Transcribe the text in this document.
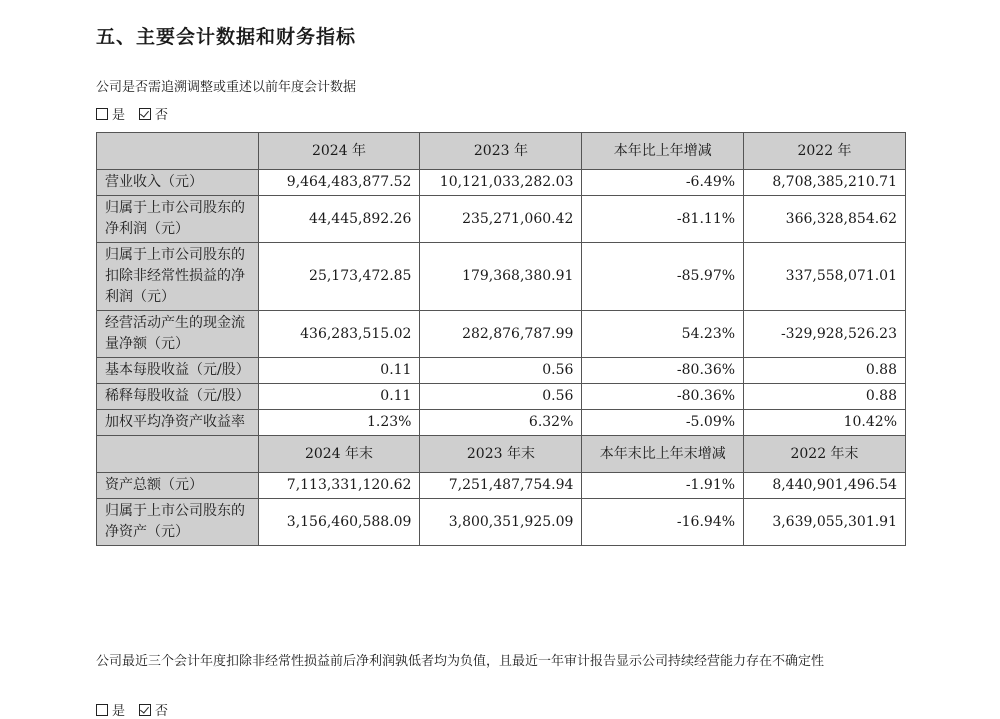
五、主要会计数据和财务指标
公司是否需追溯调整或重述以前年度会计数据
是 否
	2024 年	2023 年	本年比上年增减	2022 年
营业收入（元）	9,464,483,877.52	10,121,033,282.03	-6.49%	8,708,385,210.71
归属于上市公司股东的净利润（元）	44,445,892.26	235,271,060.42	-81.11%	366,328,854.62
归属于上市公司股东的扣除非经常性损益的净利润（元）	25,173,472.85	179,368,380.91	-85.97%	337,558,071.01
经营活动产生的现金流量净额（元）	436,283,515.02	282,876,787.99	54.23%	-329,928,526.23
基本每股收益（元/股）	0.11	0.56	-80.36%	0.88
稀释每股收益（元/股）	0.11	0.56	-80.36%	0.88
加权平均净资产收益率	1.23%	6.32%	-5.09%	10.42%
	2024 年末	2023 年末	本年末比上年末增减	2022 年末
资产总额（元）	7,113,331,120.62	7,251,487,754.94	-1.91%	8,440,901,496.54
归属于上市公司股东的净资产（元）	3,156,460,588.09	3,800,351,925.09	-16.94%	3,639,055,301.91
公司最近三个会计年度扣除非经常性损益前后净利润孰低者均为负值，且最近一年审计报告显示公司持续经营能力存在不确定性
是 否
